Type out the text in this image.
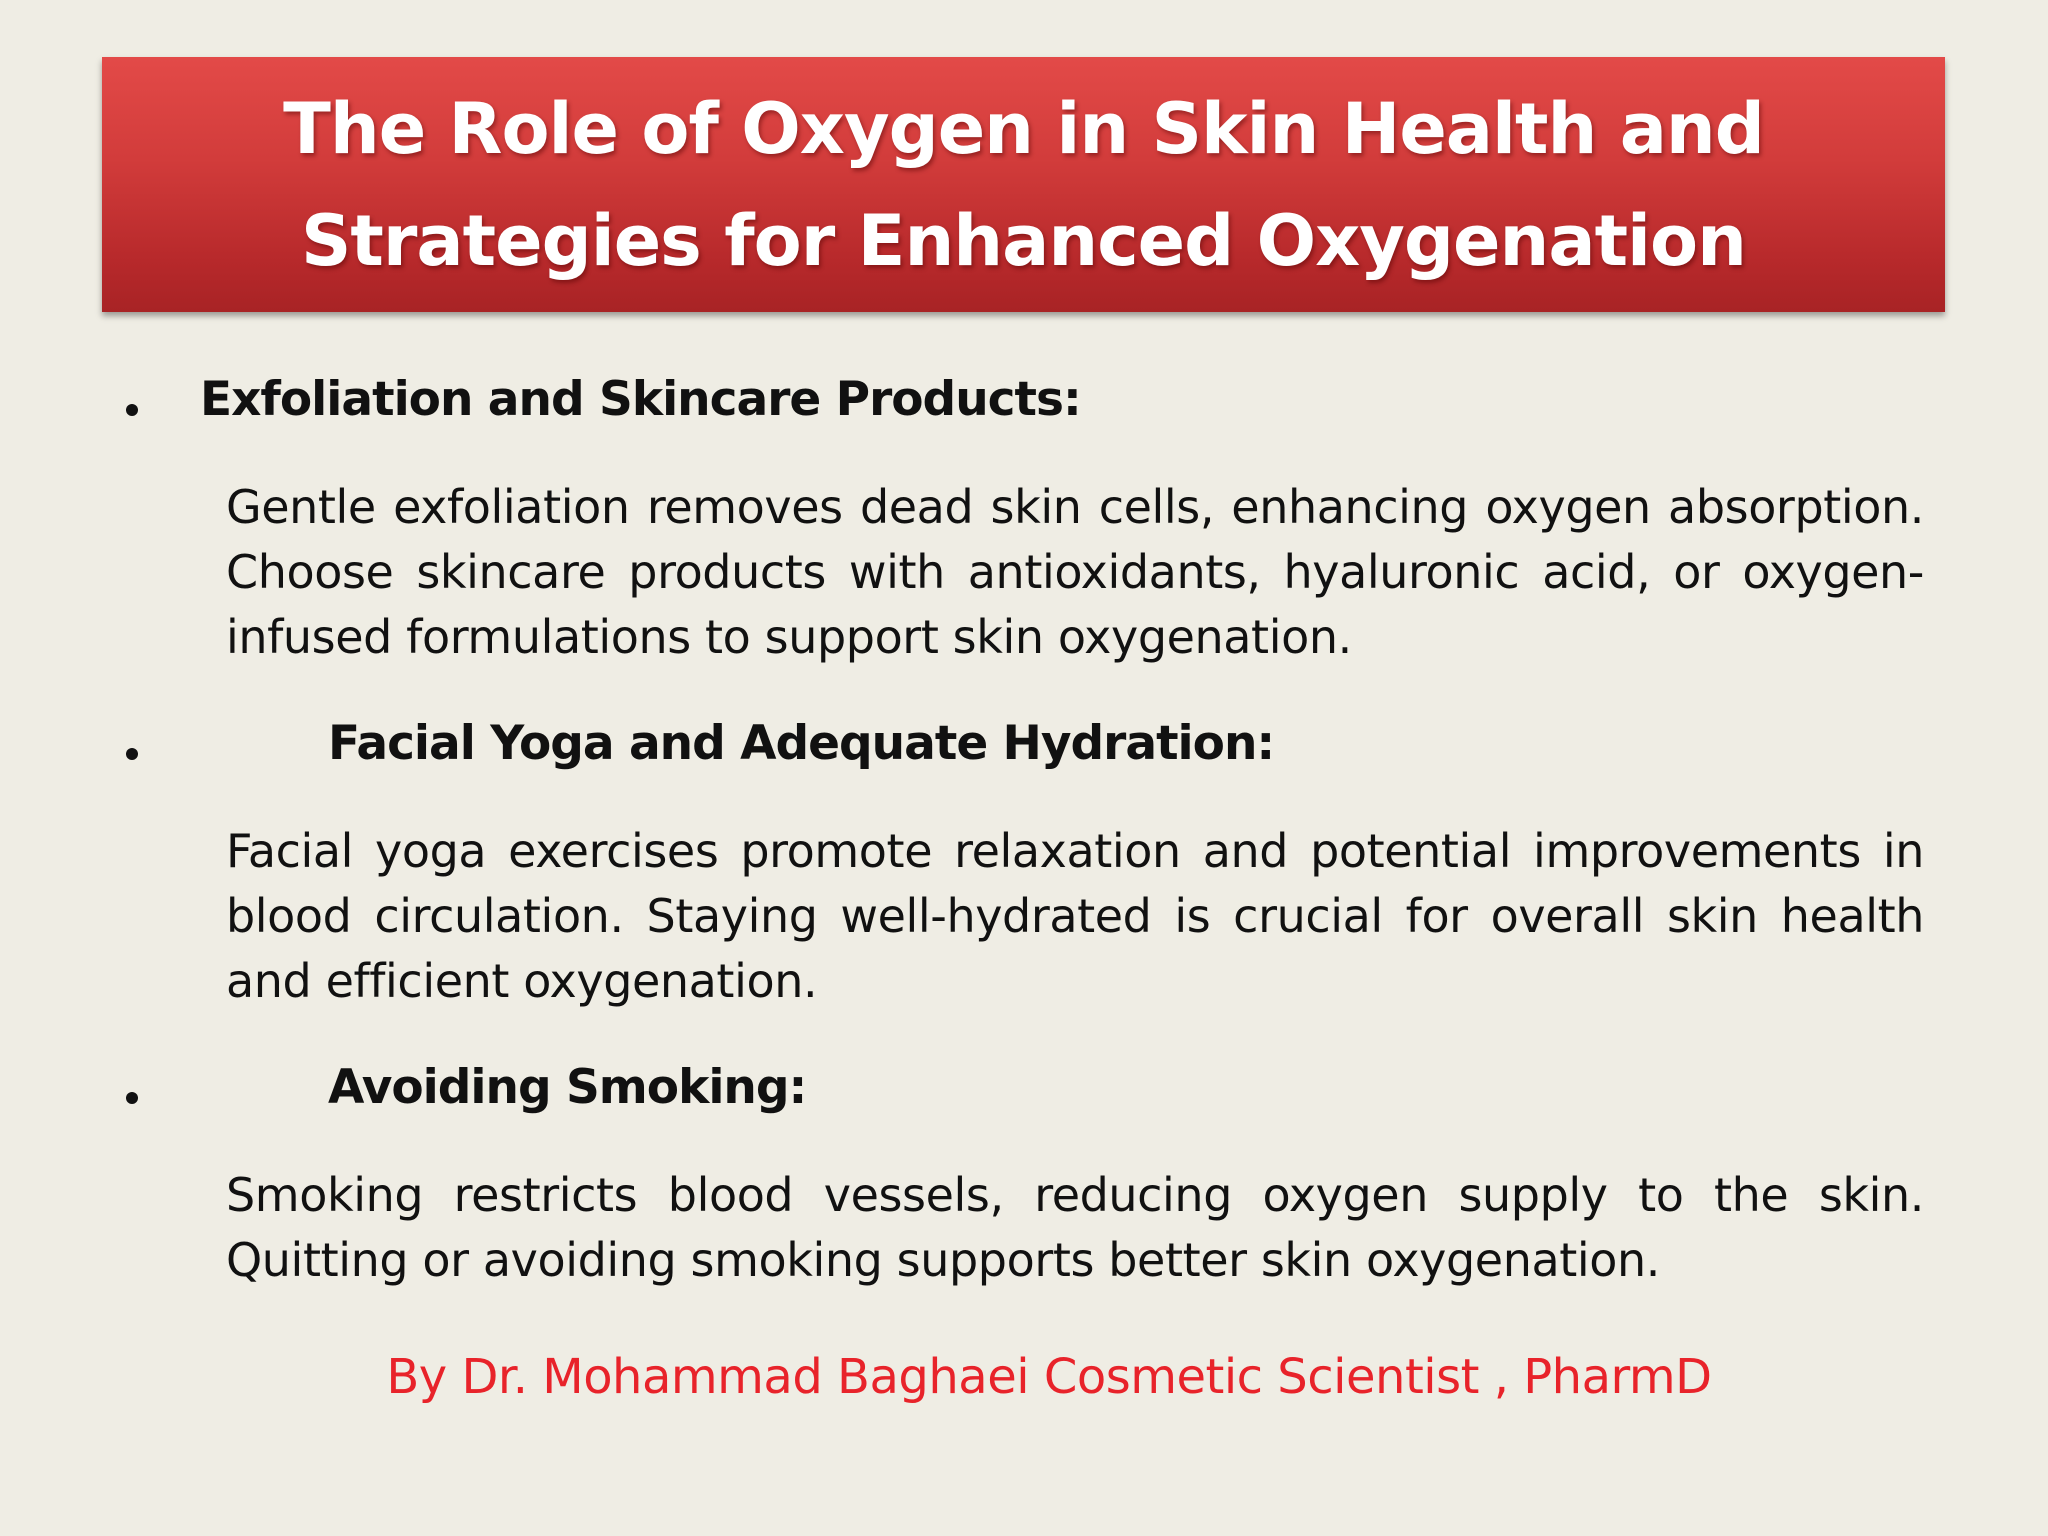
The Role of Oxygen in Skin Health and
Strategies for Enhanced Oxygenation
Exfoliation and Skincare Products:
Gentle exfoliation removes dead skin cells, enhancing oxygen absorption. Choose skincare products with antioxidants, hyaluronic acid, or oxygen-infused formulations to support skin oxygenation.
Facial Yoga and Adequate Hydration:
Facial yoga exercises promote relaxation and potential improvements in blood circulation. Staying well-hydrated is crucial for overall skin health and efficient oxygenation.
Avoiding Smoking:
Smoking restricts blood vessels, reducing oxygen supply to the skin. Quitting or avoiding smoking supports better skin oxygenation.
By Dr. Mohammad Baghaei Cosmetic Scientist , PharmD
